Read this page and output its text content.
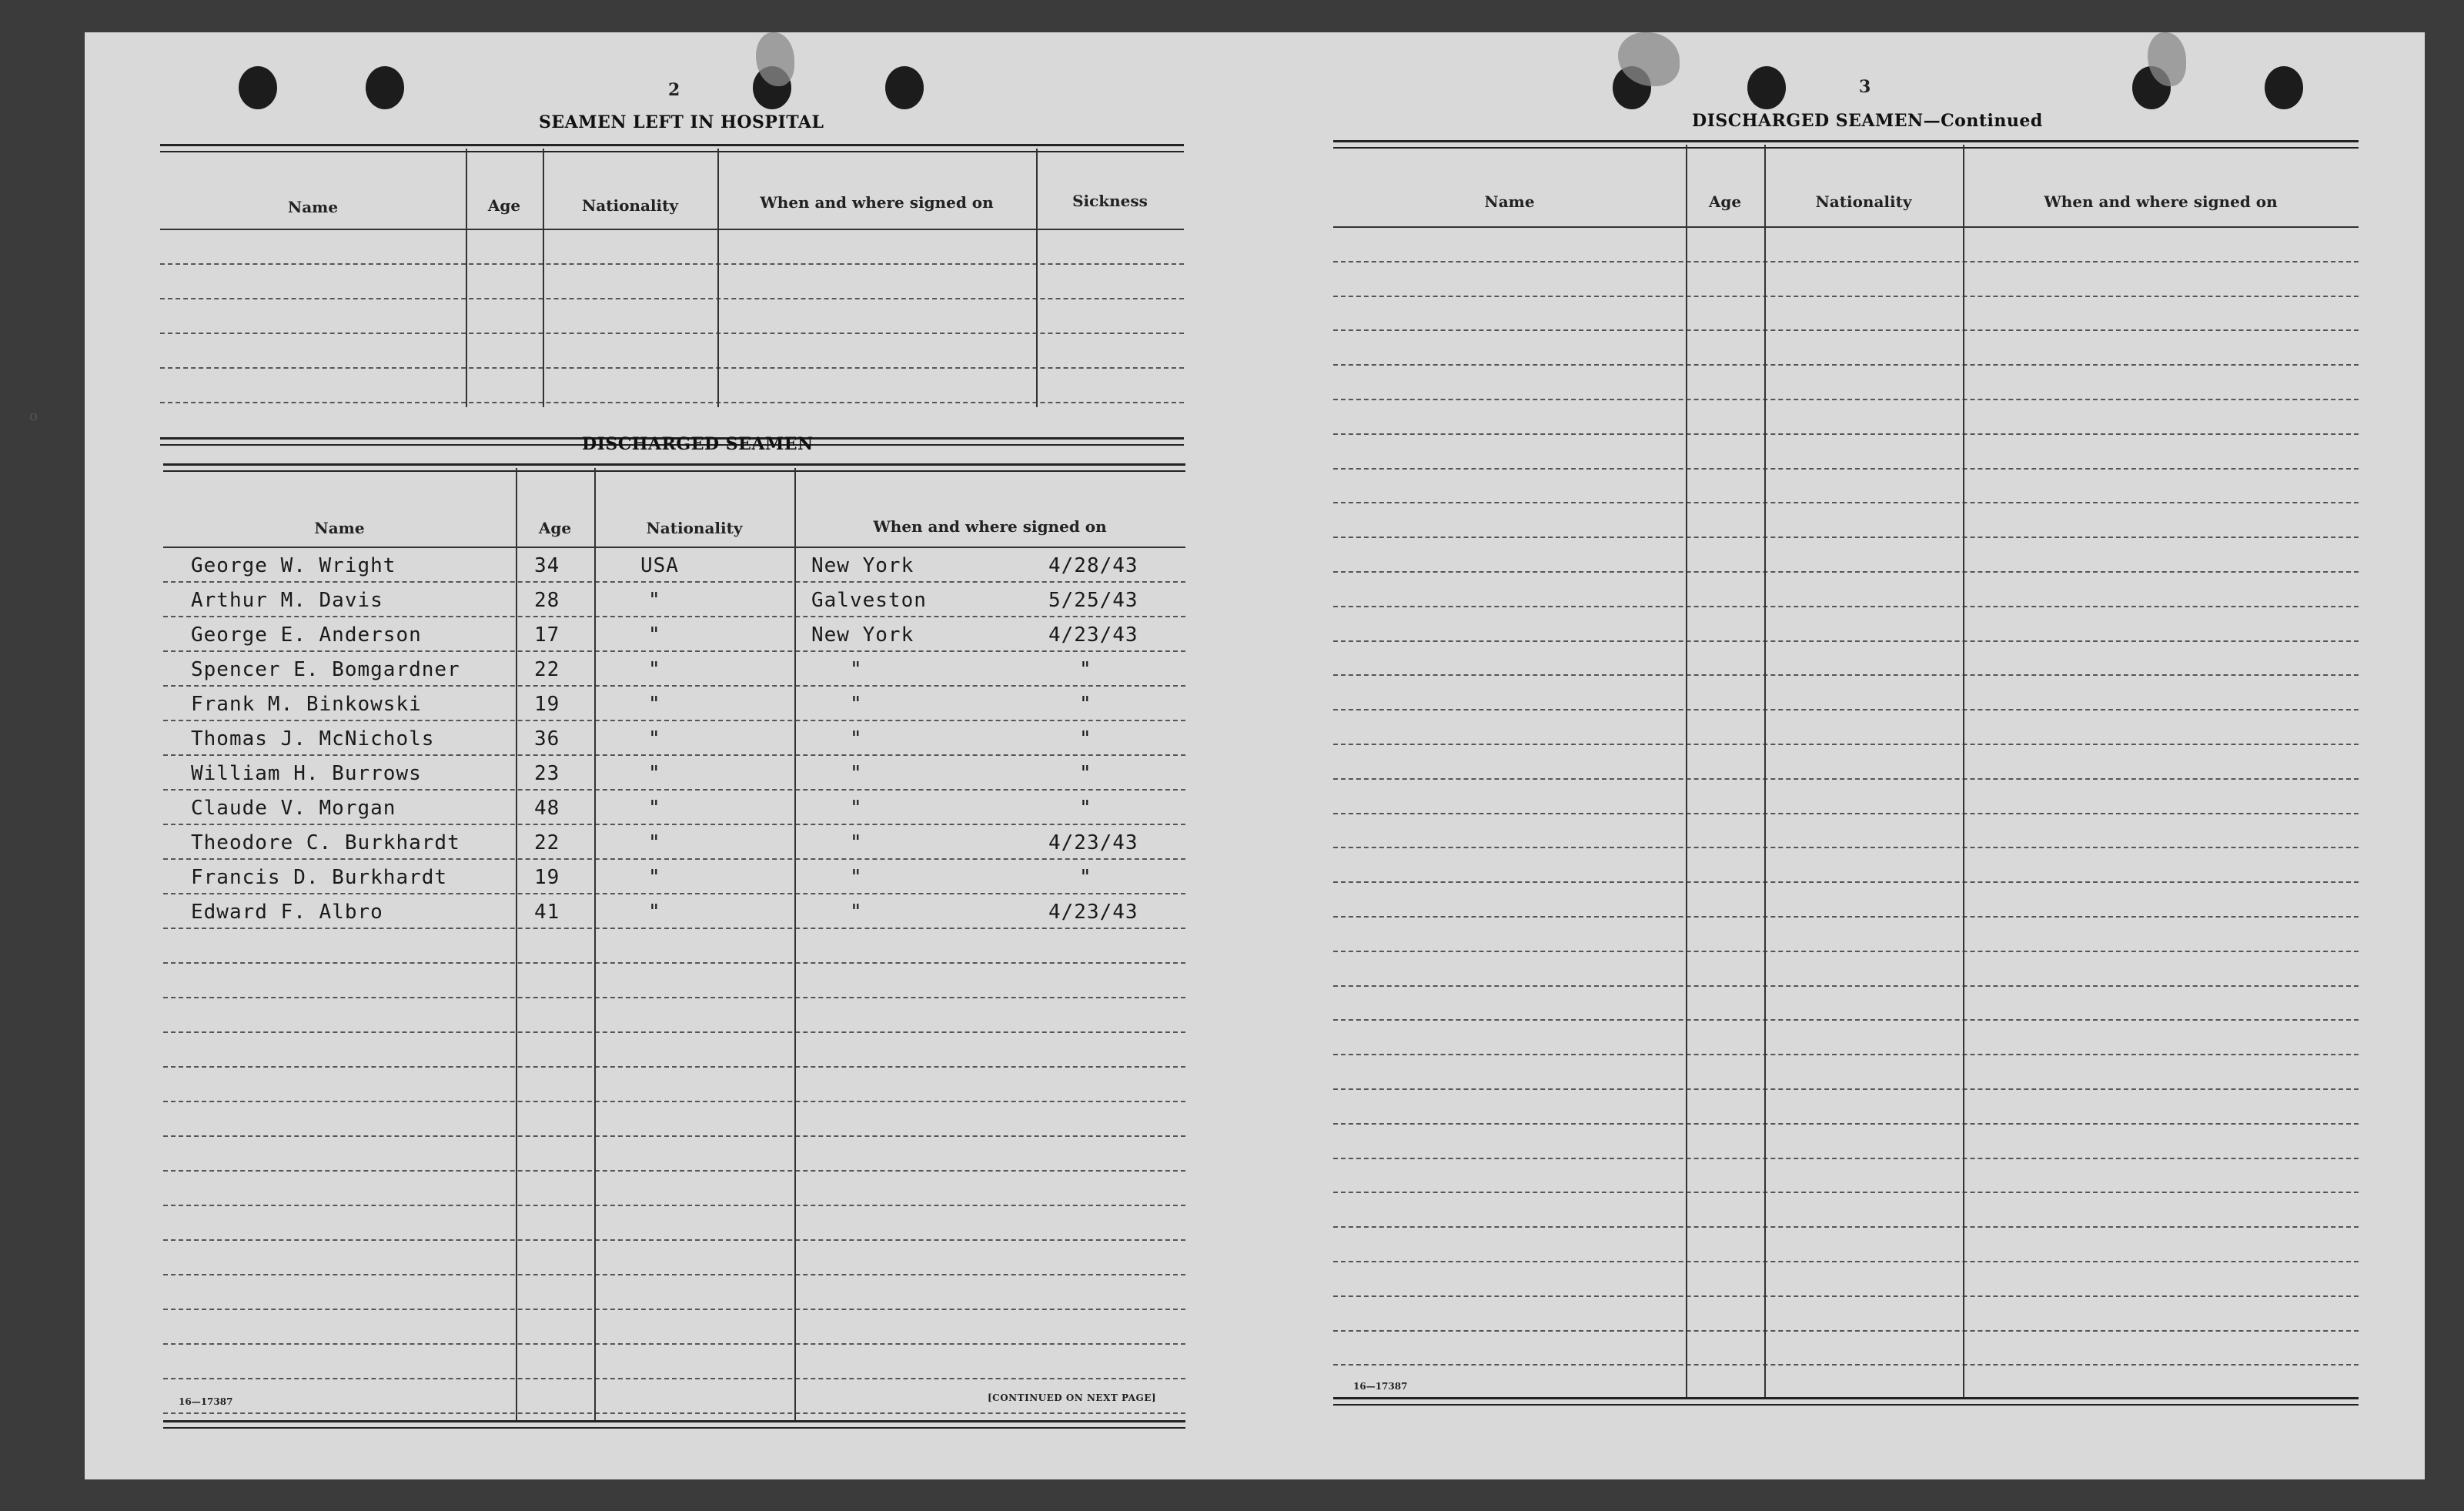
o
2
SEAMEN LEFT IN HOSPITAL
Name	Age	Nationality	When and where signed on	Sickness
DISCHARGED SEAMEN
Name	Age	Nationality	When and where signed on
George W. Wright	34	USA	New York	4/28/43
Arthur M. Davis	28	"	Galveston	5/25/43
George E. Anderson	17	"	New York	4/23/43
Spencer E. Bomgardner	22	"	"	"
Frank M. Binkowski	19	"	"	"
Thomas J. McNichols	36	"	"	"
William H. Burrows	23	"	"	"
Claude V. Morgan	48	"	"	"
Theodore C. Burkhardt	22	"	"	4/23/43
Francis D. Burkhardt	19	"	"	"
Edward F. Albro	41	"	"	4/23/43
16—17387	[CONTINUED ON NEXT PAGE]
3
DISCHARGED SEAMEN—Continued
Name	Age	Nationality	When and where signed on
16—17387
